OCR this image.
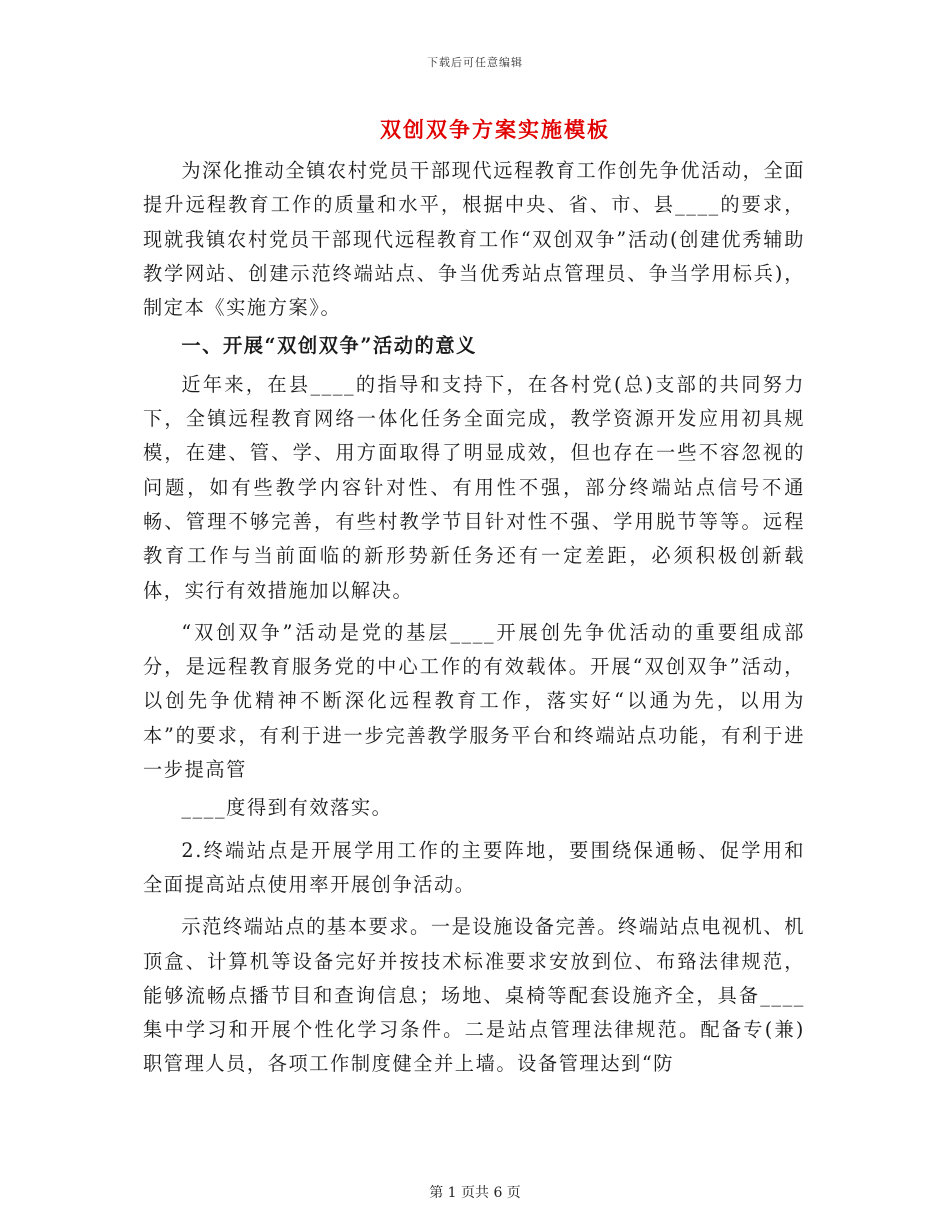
下载后可任意编辑
双创双争方案实施模板

为深化推动全镇农村党员干部现代远程教育工作创先争优活动，全面提升远程教育工作的质量和水平，根据中央、省、市、县____的要求，现就我镇农村党员干部现代远程教育工作“双创双争”活动(创建优秀辅助教学网站、创建示范终端站点、争当优秀站点管理员、争当学用标兵)，制定本《实施方案》。

一、开展“双创双争”活动的意义

近年来，在县____的指导和支持下，在各村党(总)支部的共同努力下，全镇远程教育网络一体化任务全面完成，教学资源开发应用初具规模，在建、管、学、用方面取得了明显成效，但也存在一些不容忽视的问题，如有些教学内容针对性、有用性不强，部分终端站点信号不通畅、管理不够完善，有些村教学节目针对性不强、学用脱节等等。远程教育工作与当前面临的新形势新任务还有一定差距，必须积极创新载体，实行有效措施加以解决。

“双创双争”活动是党的基层____开展创先争优活动的重要组成部分，是远程教育服务党的中心工作的有效载体。开展“双创双争”活动，以创先争优精神不断深化远程教育工作，落实好“以通为先，以用为本”的要求，有利于进一步完善教学服务平台和终端站点功能，有利于进一步提高管

____度得到有效落实。

2.终端站点是开展学用工作的主要阵地，要围绕保通畅、促学用和全面提高站点使用率开展创争活动。

示范终端站点的基本要求。一是设施设备完善。终端站点电视机、机顶盒、计算机等设备完好并按技术标准要求安放到位、布臵法律规范，能够流畅点播节目和查询信息；场地、桌椅等配套设施齐全，具备____集中学习和开展个性化学习条件。二是站点管理法律规范。配备专(兼)职管理人员，各项工作制度健全并上墙。设备管理达到“防

第 1 页共 6 页
